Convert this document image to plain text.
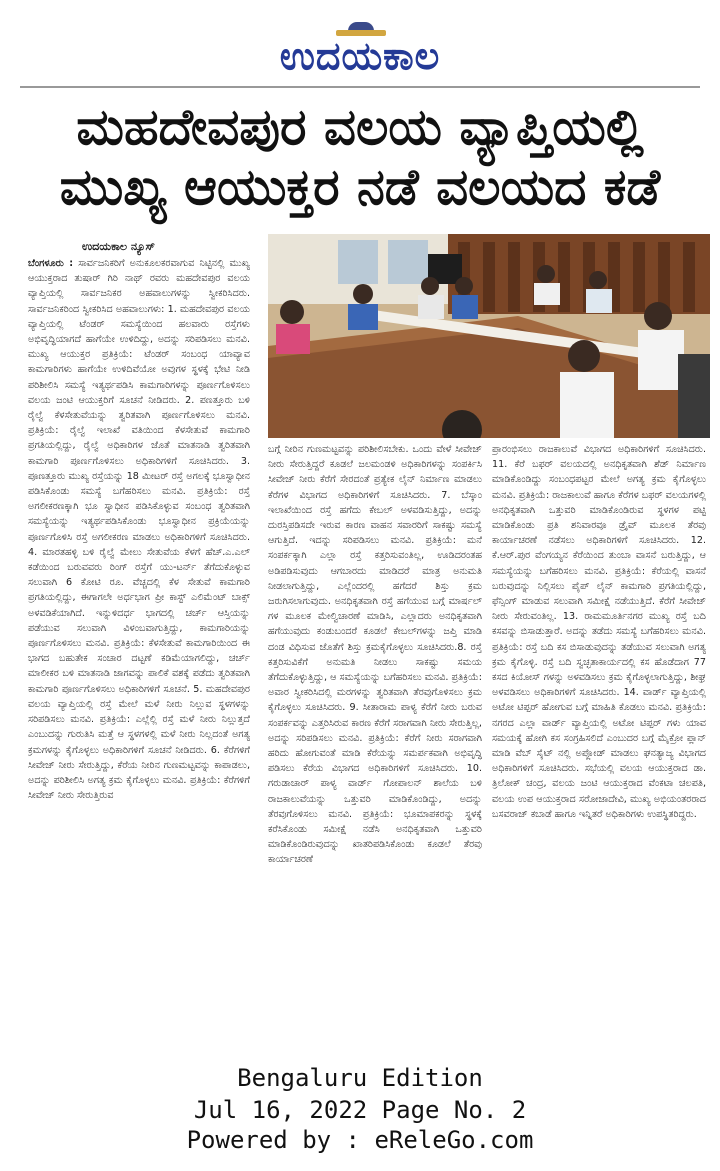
ಉದಯಕಾಲ
ಮಹದೇವಪುರ ವಲಯ ವ್ಯಾಪ್ತಿಯಲ್ಲಿ
ಮುಖ್ಯ ಆಯುಕ್ತರ ನಡೆ ವಲಯದ ಕಡೆ
ಉದಯಕಾಲ ನ್ಯೂಸ್

ಬೆಂಗಳೂರು : ಸಾರ್ವಜನಿಕರಿಗೆ ಅನುಕೂಲಕರವಾಗುವ ನಿಟ್ಟಿನಲ್ಲಿ ಮುಖ್ಯ ಆಯುಕ್ತರಾದ ತುಷಾರ್ ಗಿರಿ ನಾಥ್ ರವರು ಮಹದೇವಪುರ ವಲಯ ವ್ಯಾಪ್ತಿಯಲ್ಲಿ ಸಾರ್ವಜನಿಕರ ಅಹವಾಲುಗಳನ್ನು ಸ್ವೀಕರಿಸಿದರು. ಸಾರ್ವಜನಿಕರಿಂದ ಸ್ವೀಕರಿಸಿದ ಅಹವಾಲುಗಳು: 1. ಮಹದೇವಪುರ ವಲಯ ವ್ಯಾಪ್ತಿಯಲ್ಲಿ ಟೆಂಡರ್ ಸಮಸ್ಯೆಯಿಂದ ಹಲವಾರು ರಸ್ತೆಗಳು ಅಭಿವೃದ್ಧಿಯಾಗದೆ ಹಾಗೆಯೇ ಉಳಿದಿದ್ದು, ಅದನ್ನು ಸರಿಪಡಿಸಲು ಮನವಿ. ಮುಖ್ಯ ಆಯುಕ್ತರ ಪ್ರತಿಕ್ರಿಯೆ: ಟೆಂಡರ್ ಸಂಬಂಧ ಯಾವ್ಯಾವ ಕಾಮಗಾರಿಗಳು ಹಾಗೆಯೇ ಉಳಿದಿವೆಯೋ ಅವುಗಳ ಸ್ಥಳಕ್ಕೆ ಭೇಟಿ ನೀಡಿ ಪರಿಶೀಲಿಸಿ ಸಮಸ್ಯೆ ಇತ್ಯರ್ಥಪಡಿಸಿ ಕಾಮಗಾರಿಗಳನ್ನು ಪೂರ್ಣಗೊಳಿಸಲು ವಲಯ ಜಂಟಿ ಆಯುಕ್ತರಿಗೆ ಸೂಚನೆ ನೀಡಿದರು. 2. ಪಣತ್ತೂರು ಬಳಿ ರೈಲ್ವೆ ಕೆಳಸೇತುವೆಯನ್ನು ತ್ವರಿತವಾಗಿ ಪೂರ್ಣಗೊಳಿಸಲು ಮನವಿ. ಪ್ರತಿಕ್ರಿಯೆ: ರೈಲ್ವೆ ಇಲಾಖೆ ವತಿಯಿಂದ ಕೆಳಸೇತುವೆ ಕಾಮಗಾರಿ ಪ್ರಗತಿಯಲ್ಲಿದ್ದು, ರೈಲ್ವೆ ಅಧಿಕಾರಿಗಳ ಜೊತೆ ಮಾತನಾಡಿ ತ್ವರಿತವಾಗಿ ಕಾಮಗಾರಿ ಪೂರ್ಣಗೊಳಿಸಲು ಅಧಿಕಾರಿಗಳಿಗೆ ಸೂಚಿಸಿದರು. 3. ಪೂಣತ್ತೂರು ಮುಖ್ಯ ರಸ್ತೆಯನ್ನು 18 ಮೀಟರ್ ರಸ್ತೆ ಅಗಲಕ್ಕೆ ಭೂಸ್ವಾಧೀನ ಪಡಿಸಿಕೊಂಡು ಸಮಸ್ಯೆ ಬಗೆಹರಿಸಲು ಮನವಿ. ಪ್ರತಿಕ್ರಿಯೆ: ರಸ್ತೆ ಅಗಲೀಕರಣಕ್ಕಾಗಿ ಭೂ ಸ್ವಾಧೀನ ಪಡಿಸಿಕೊಳ್ಳುವ ಸಂಬಂಧ ತ್ವರಿತವಾಗಿ ಸಮಸ್ಯೆಯನ್ನು ಇತ್ಯರ್ಥಪಡಿಸಿಕೊಂಡು ಭೂಸ್ವಾಧೀನ ಪ್ರಕ್ರಿಯೆಯನ್ನು ಪೂರ್ಣಗೊಳಿಸಿ ರಸ್ತೆ ಅಗಲೀಕರಣ ಮಾಡಲು ಅಧಿಕಾರಿಗಳಿಗೆ ಸೂಚಿಸಿದರು. 4. ಮಾರತಹಳ್ಳಿ ಬಳಿ ರೈಲ್ವೆ ಮೇಲು ಸೇತುವೆಯ ಕೆಳಗೆ ಹೆಚ್.ಎ.ಎಲ್ ಕಡೆಯಿಂದ ಬರುವವರು ರಿಂಗ್ ರಸ್ತೆಗೆ ಯು-ಟರ್ನ್ ತೆಗೆದುಕೊಳ್ಳುವ ಸಲುವಾಗಿ 6 ಕೋಟಿ ರೂ. ವೆಚ್ಚದಲ್ಲಿ ಕೆಳ ಸೇತುವೆ ಕಾಮಗಾರಿ ಪ್ರಗತಿಯಲ್ಲಿದ್ದು, ಈಗಾಗಲೇ ಅರ್ಧಭಾಗ ಪ್ರೀ ಕಾಸ್ಟ್ ಎಲಿಮೆಂಟ್ ಬಾಕ್ಸ್ ಅಳವಡಿಕೆಯಾಗಿದೆ. ಇನ್ನುಳಿದರ್ಧ ಭಾಗದಲ್ಲಿ ಚರ್ಚ್ ಆಸ್ತಿಯನ್ನು ಪಡೆಯುವ ಸಲುವಾಗಿ ವಿಳಂಬವಾಗುತ್ತಿದ್ದು, ಕಾಮಗಾರಿಯನ್ನು ಪೂರ್ಣಗೊಳಿಸಲು ಮನವಿ. ಪ್ರತಿಕ್ರಿಯೆ: ಕೆಳಸೇತುವೆ ಕಾಮಗಾರಿಯಿಂದ ಈ ಭಾಗದ ಬಹುತೇಕ ಸಂಚಾರ ದಟ್ಟಣೆ ಕಡಿಮೆಯಾಗಲಿದ್ದು, ಚರ್ಚ್ ಮಾಲೀಕರ ಬಳಿ ಮಾತನಾಡಿ ಜಾಗವನ್ನು ಪಾಲಿಕೆ ವಶಕ್ಕೆ ಪಡೆದು ತ್ವರಿತವಾಗಿ ಕಾಮಗಾರಿ ಪೂರ್ಣಗೊಳಿಸಲು ಅಧಿಕಾರಿಗಳಿಗೆ ಸೂಚನೆ. 5. ಮಹದೇವಪುರ ವಲಯ ವ್ಯಾಪ್ತಿಯಲ್ಲಿ ರಸ್ತೆ ಮೇಲೆ ಮಳೆ ನೀರು ನಿಲ್ಲುವ ಸ್ಥಳಗಳನ್ನು ಸರಿಪಡಿಸಲು ಮನವಿ. ಪ್ರತಿಕ್ರಿಯೆ: ಎಲ್ಲೆಲ್ಲಿ ರಸ್ತೆ ಮಳೆ ನೀರು ನಿಲ್ಲುತ್ತದೆ ಎಂಬುದನ್ನು ಗುರುತಿಸಿ ಮತ್ತೆ ಆ ಸ್ಥಳಗಳಲ್ಲಿ ಮಳೆ ನೀರು ನಿಲ್ಲದಂತೆ ಅಗತ್ಯ ಕ್ರಮಗಳನ್ನು ಕೈಗೊಳ್ಳಲು ಅಧಿಕಾರಿಗಳಿಗೆ ಸೂಚನೆ ನೀಡಿದರು. 6. ಕೆರೆಗಳಿಗೆ ಸೀವೇಜ್ ನೀರು ಸೇರುತ್ತಿದ್ದು, ಕೆರೆಯ ನೀರಿನ ಗುಣಮಟ್ಟವನ್ನು ಕಾಪಾಡಲು, ಅದನ್ನು ಪರಿಶೀಲಿಸಿ ಅಗತ್ಯ ಕ್ರಮ ಕೈಗೊಳ್ಳಲು ಮನವಿ. ಪ್ರತಿಕ್ರಿಯೆ: ಕೆರೆಗಳಿಗೆ ಸೀವೇಜ್ ನೀರು ಸೇರುತ್ತಿರುವ

ಬಗ್ಗೆ ನೀರಿನ ಗುಣಮಟ್ಟವನ್ನು ಪರಿಶೀಲಿಸಬೇಕು. ಒಂದು ವೇಳೆ ಸೀವೇಜ್ ನೀರು ಸೇರುತ್ತಿದ್ದರೆ ಕೂಡಲೆ ಜಲಮಂಡಳಿ ಅಧಿಕಾರಿಗಳನ್ನು ಸಂಪರ್ಕಿಸಿ ಸೀವೇಜ್ ನೀರು ಕೆರೆಗೆ ಸೇರದಂತೆ ಪ್ರತ್ಯೇಕ ಲೈನ್ ನಿರ್ಮಾಣ ಮಾಡಲು ಕೆರೆಗಳ ವಿಭಾಗದ ಅಧಿಕಾರಿಗಳಿಗೆ ಸೂಚಿಸಿದರು. 7. ಬೆಸ್ಕಾಂ ಇಲಾಖೆಯಿಂದ ರಸ್ತೆ ಹಗೆದು ಕೇಬಲ್ ಅಳವಡಿಸುತ್ತಿದ್ದು, ಅದನ್ನು ದುರಸ್ತಿಪಡಿಸದೇ ಇರುವ ಕಾರಣ ವಾಹನ ಸವಾರರಿಗೆ ಸಾಕಷ್ಟು ಸಮಸ್ಯೆ ಆಗುತ್ತಿದೆ. ಇದನ್ನು ಸರಿಪಡಿಸಲು ಮನವಿ. ಪ್ರತಿಕ್ರಿಯೆ: ಮನೆ ಸಂಪರ್ಕಕ್ಕಾಗಿ ಎಲ್ಲಾ ರಸ್ತೆ ಕತ್ತರಿಸುವಂತಿಲ್ಲ, ಊಡಿದರಂತಹ ಅಡಿಪಡಿಸುವುದು ಆಗಬಾರದು ಮಾಡಿದರೆ ಮಾತ್ರ ಅನುಮತಿ ನೀಡಲಾಗುತ್ತಿದ್ದು, ಎಲ್ಲೆಂದರಲ್ಲಿ ಹಗೆದರೆ ಶಿಸ್ತು ಕ್ರಮ ಜರುಗಿಸಲಾಗುವುದು. ಅನಧಿಕೃತವಾಗಿ ರಸ್ತೆ ಹಗೆಯುವ ಬಗ್ಗೆ ಮಾರ್ಷಲ್ ಗಳ ಮೂಲಕ ಮೇಲ್ವಿಚಾರಣೆ ಮಾಡಿಸಿ, ಎಲ್ಲಾದರು ಅನಧಿಕೃತವಾಗಿ ಹಗೆಯುವುದು ಕಂಡುಬಂದರೆ ಕೂಡಲೆ ಕೇಬಲ್‌ಗಳನ್ನು ಜಪ್ತಿ ಮಾಡಿ ದಂಡ ವಿಧಿಸುವ ಜೊತೆಗೆ ಶಿಸ್ತು ಕ್ರಮಕೈಗೊಳ್ಳಲು ಸೂಚಿಸಿದರು.8. ರಸ್ತೆ ಕತ್ತರಿಸುವಿಕೆಗೆ ಅನುಮತಿ ನೀಡಲು ಸಾಕಷ್ಟು ಸಮಯ ತೆಗೆದುಕೊಳ್ಳುತ್ತಿದ್ದು, ಆ ಸಮಸ್ಯೆಯನ್ನು ಬಗೆಹರಿಸಲು ಮನವಿ. ಪ್ರತಿಕ್ರಿಯೆ: ಅವಾರ ಸ್ವೀಕರಿಸಿದಲ್ಲಿ ಮರಗಳನ್ನು ತ್ವರಿತವಾಗಿ ತೆರವುಗೊಳಿಸಲು ಕ್ರಮ ಕೈಗೊಳ್ಳಲು ಸೂಚಿಸಿದರು. 9. ಸೀತಾರಾಮ ಪಾಳ್ಯ ಕೆರೆಗೆ ನೀರು ಬರುವ ಸಂಪರ್ಕವನ್ನು ಎತ್ತರಿಸಿರುವ ಕಾರಣ ಕೆರೆಗೆ ಸರಾಗವಾಗಿ ನೀರು ಸೇರುತ್ತಿಲ್ಲ, ಅದನ್ನು ಸರಿಪಡಿಸಲು ಮನವಿ. ಪ್ರತಿಕ್ರಿಯೆ: ಕೆರೆಗೆ ನೀರು ಸರಾಗವಾಗಿ ಹರಿದು ಹೋಗುವಂತೆ ಮಾಡಿ ಕೆರೆಯನ್ನು ಸಮರ್ಪಕವಾಗಿ ಅಭಿವೃದ್ಧಿ ಪಡಿಸಲು ಕೆರೆಯ ವಿಭಾಗದ ಅಧಿಕಾರಿಗಳಿಗೆ ಸೂಚಿಸಿದರು. 10. ಗರುಡಾಚಾರ್ ಪಾಳ್ಯ ವಾರ್ಡ್ ಗೋಪಾಲನ್ ಶಾಲೆಯ ಬಳಿ ರಾಜಕಾಲುವೆಯನ್ನು ಒತ್ತುವರಿ ಮಾಡಿಕೊಂಡಿದ್ದು, ಅದನ್ನು ತೆರವುಗೊಳಿಸಲು ಮನವಿ. ಪ್ರತಿಕ್ರಿಯೆ: ಭೂಮಾಪಕರನ್ನು ಸ್ಥಳಕ್ಕೆ ಕರೆಸಿಕೊಂಡು ಸಮೀಕ್ಷೆ ನಡೆಸಿ ಅನಧಿಕೃತವಾಗಿ ಒತ್ತುವರಿ ಮಾಡಿಕೊಂಡಿರುವುದನ್ನು ಖಾತರಿಪಡಿಸಿಕೊಂಡು ಕೂಡಲೆ ತೆರವು ಕಾರ್ಯಾಚರಣೆ

ಪ್ರಾರಂಭಿಸಲು ರಾಜಕಾಲುವೆ ವಿಭಾಗದ ಅಧಿಕಾರಿಗಳಿಗೆ ಸೂಚಿಸಿದರು. 11. ಕೆರೆ ಬಫರ್ ವಲಯದಲ್ಲಿ ಅನಧಿಕೃತವಾಗಿ ಶೆಡ್ ನಿರ್ಮಾಣ ಮಾಡಿಕೊಂಡಿದ್ದು ಸಂಬಂಧಪಟ್ಟರ ಮೇಲೆ ಅಗತ್ಯ ಕ್ರಮ ಕೈಗೊಳ್ಳಲು ಮನವಿ. ಪ್ರತಿಕ್ರಿಯೆ: ರಾಜಕಾಲುವೆ ಹಾಗೂ ಕೆರೆಗಳ ಬಫರ್ ವಲಯಗಳಲ್ಲಿ ಅನಧಿಕೃತವಾಗಿ ಒತ್ತುವರಿ ಮಾಡಿಕೊಂಡಿರುವ ಸ್ಥಳಗಳ ಪಟ್ಟಿ ಮಾಡಿಕೊಂಡು ಪ್ರತಿ ಶನಿವಾರವೂ ಡ್ರೈವ್ ಮೂಲಕ ತೆರವು ಕಾರ್ಯಾಚರಣೆ ನಡೆಸಲು ಅಧಿಕಾರಿಗಳಿಗೆ ಸೂಚಿಸಿದರು. 12. ಕೆ.ಆರ್.ಪುರ ವೆಂಗಯ್ಯನ ಕೆರೆಯಿಂದ ತುಂಬಾ ವಾಸನೆ ಬರುತ್ತಿದ್ದು, ಆ ಸಮಸ್ಯೆಯನ್ನು ಬಗೆಹರಿಸಲು ಮನವಿ. ಪ್ರತಿಕ್ರಿಯೆ: ಕೆರೆಯಲ್ಲಿ ವಾಸನೆ ಬರುವುದನ್ನು ನಿಲ್ಲಿಸಲು ಪೈಪ್ ಲೈನ್ ಕಾಮಗಾರಿ ಪ್ರಗತಿಯಲ್ಲಿದ್ದು, ಫೆನ್ಸಿಂಗ್ ಮಾಡುವ ಸಲುವಾಗಿ ಸಮೀಕ್ಷೆ ನಡೆಯುತ್ತಿದೆ. ಕೆರೆಗೆ ಸೀವೇಜ್ ನೀರು ಸೇರುವಂತಿಲ್ಲ. 13. ರಾಮಮೂರ್ತಿನಗರ ಮುಖ್ಯ ರಸ್ತೆ ಬದಿ ಕಸವನ್ನು ಬಿಸಾಡುತ್ತಾರೆ. ಅದನ್ನು ತಡೆದು ಸಮಸ್ಯೆ ಬಗೆಹರಿಸಲು ಮನವಿ. ಪ್ರತಿಕ್ರಿಯೆ: ರಸ್ತೆ ಬದಿ ಕಸ ಬಿಸಾಡುವುದನ್ನು ತಡೆಯುವ ಸಲುವಾಗಿ ಅಗತ್ಯ ಕ್ರಮ ಕೈಗೊಳ್ಳಿ. ರಸ್ತೆ ಬದಿ ಸ್ವಚ್ಛತಾಕಾರ್ಯದಲ್ಲಿ ಕಸ ಹೊಡೆದಾಗ 77 ಕಸದ ಕಿಯೋಸ್ ಗಳನ್ನು ಅಳವಡಿಸಲು ಕ್ರಮ ಕೈಗೊಳ್ಳಲಾಗುತ್ತಿದ್ದು, ಶೀಘ್ರ ಅಳವಡಿಸಲು ಅಧಿಕಾರಿಗಳಿಗೆ ಸೂಚಿಸಿದರು. 14. ವಾರ್ಡ್ ವ್ಯಾಪ್ತಿಯಲ್ಲಿ ಅಟೋ ಟಿಪ್ಪರ್ ಹೋಗುವ ಬಗ್ಗೆ ಮಾಹಿತಿ ಕೊಡಲು ಮನವಿ. ಪ್ರತಿಕ್ರಿಯೆ: ನಗರದ ಎಲ್ಲಾ ವಾರ್ಡ್ ವ್ಯಾಪ್ತಿಯಲ್ಲಿ ಅಟೋ ಟಿಪ್ಪರ್ ಗಳು ಯಾವ ಸಮಯಕ್ಕೆ ಹೋಗಿ ಕಸ ಸಂಗ್ರಹಿಸಲಿದೆ ಎಂಬುದರ ಬಗ್ಗೆ ಮೈಕ್ರೋ ಪ್ಲಾನ್ ಮಾಡಿ ವೆಬ್ ಸೈಟ್ ನಲ್ಲಿ ಅಪ್ಲೋಡ್ ಮಾಡಲು ಘನತ್ಯಾಜ್ಯ ವಿಭಾಗದ ಅಧಿಕಾರಿಗಳಿಗೆ ಸೂಚಿಸಿದರು. ಸಭೆಯಲ್ಲಿ ವಲಯ ಆಯುಕ್ತರಾದ ಡಾ. ತ್ರಿಲೋಕ್ ಚಂದ್ರ, ವಲಯ ಜಂಟಿ ಆಯುಕ್ತರಾದ ವೆಂಕಟಾ ಚಲಪತಿ, ವಲಯ ಉಪ ಆಯುಕ್ತರಾದ ಸರೋಜಾದೇವಿ, ಮುಖ್ಯ ಅಭಿಯಂತರರಾದ ಬಸವರಾಜ್ ಕಬಾಡೆ ಹಾಗೂ ಇನ್ನಿತರೆ ಅಧಿಕಾರಿಗಳು ಉಪಸ್ಥಿತರಿದ್ದರು.

Bengaluru Edition
Jul 16, 2022 Page No. 2
Powered by : eReleGo.com
